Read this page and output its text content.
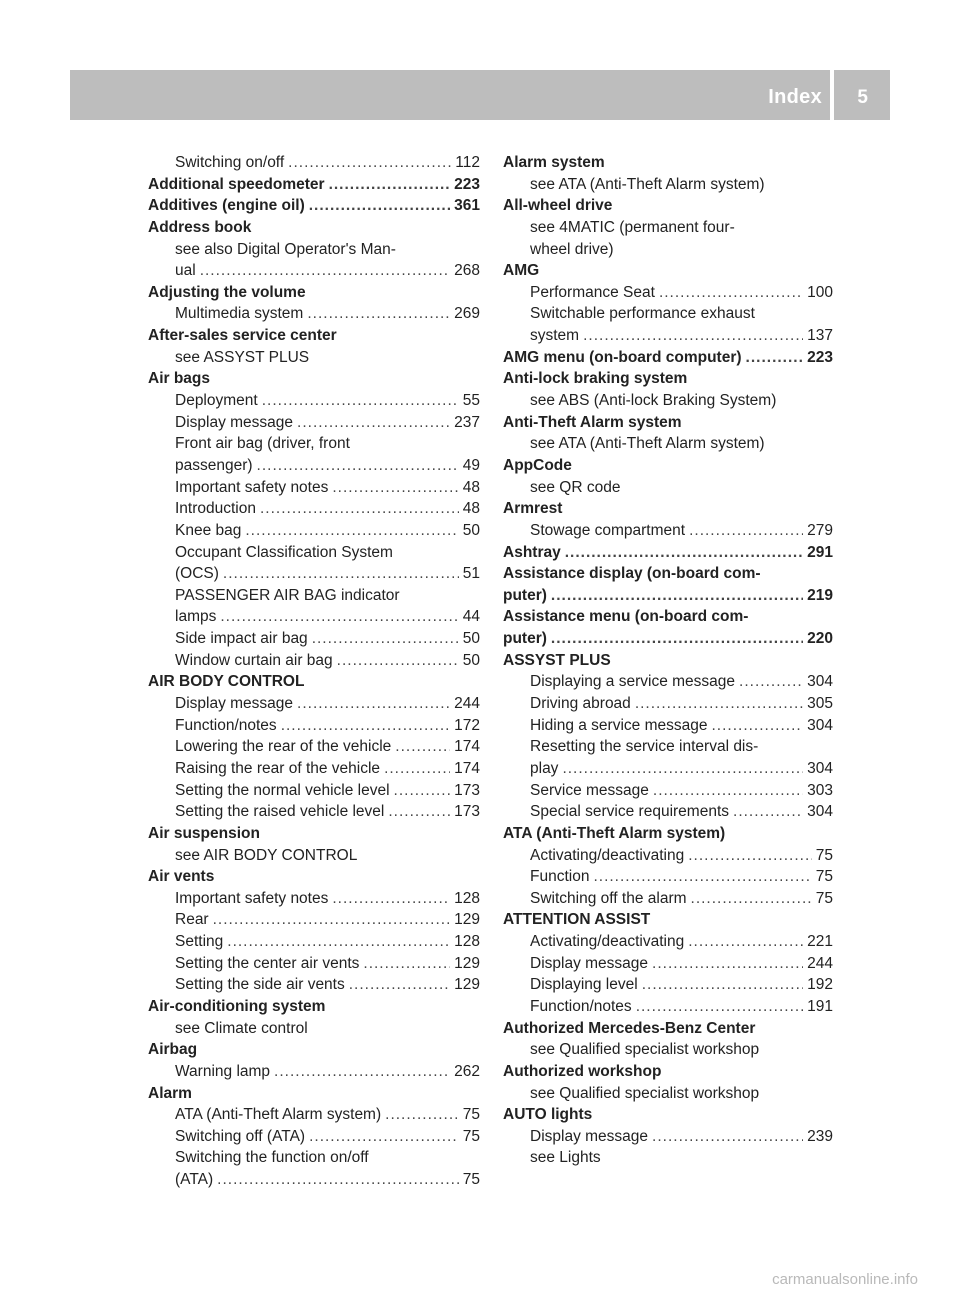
Index 5
Switching on/off .....	112
Additional speedometer .....	223
Additives (engine oil) .....	361
Address book
see also Digital Operator's Man-
ual .....	268
Adjusting the volume
Multimedia system .....	269
After-sales service center
see ASSYST PLUS
Air bags
Deployment .....	55
Display message .....	237
Front air bag (driver, front
passenger) .....	49
Important safety notes .....	48
Introduction .....	48
Knee bag .....	50
Occupant Classification System
(OCS) .....	51
PASSENGER AIR BAG indicator
lamps .....	44
Side impact air bag .....	50
Window curtain air bag .....	50
AIR BODY CONTROL
Display message .....	244
Function/notes .....	172
Lowering the rear of the vehicle .....	174
Raising the rear of the vehicle .....	174
Setting the normal vehicle level .....	173
Setting the raised vehicle level .....	173
Air suspension
see AIR BODY CONTROL
Air vents
Important safety notes .....	128
Rear .....	129
Setting .....	128
Setting the center air vents .....	129
Setting the side air vents .....	129
Air-conditioning system
see Climate control
Airbag
Warning lamp .....	262
Alarm
ATA (Anti-Theft Alarm system) .....	75
Switching off (ATA) .....	75
Switching the function on/off
(ATA) .....	75
Alarm system
see ATA (Anti-Theft Alarm system)
All-wheel drive
see 4MATIC (permanent four-
wheel drive)
AMG
Performance Seat .....	100
Switchable performance exhaust
system .....	137
AMG menu (on-board computer) .....	223
Anti-lock braking system
see ABS (Anti-lock Braking System)
Anti-Theft Alarm system
see ATA (Anti-Theft Alarm system)
AppCode
see QR code
Armrest
Stowage compartment .....	279
Ashtray .....	291
Assistance display (on-board com-
puter) .....	219
Assistance menu (on-board com-
puter) .....	220
ASSYST PLUS
Displaying a service message .....	304
Driving abroad .....	305
Hiding a service message .....	304
Resetting the service interval dis-
play .....	304
Service message .....	303
Special service requirements .....	304
ATA (Anti-Theft Alarm system)
Activating/deactivating .....	75
Function .....	75
Switching off the alarm .....	75
ATTENTION ASSIST
Activating/deactivating .....	221
Display message .....	244
Displaying level .....	192
Function/notes .....	191
Authorized Mercedes-Benz Center
see Qualified specialist workshop
Authorized workshop
see Qualified specialist workshop
AUTO lights
Display message .....	239
see Lights
carmanualsonline.info
